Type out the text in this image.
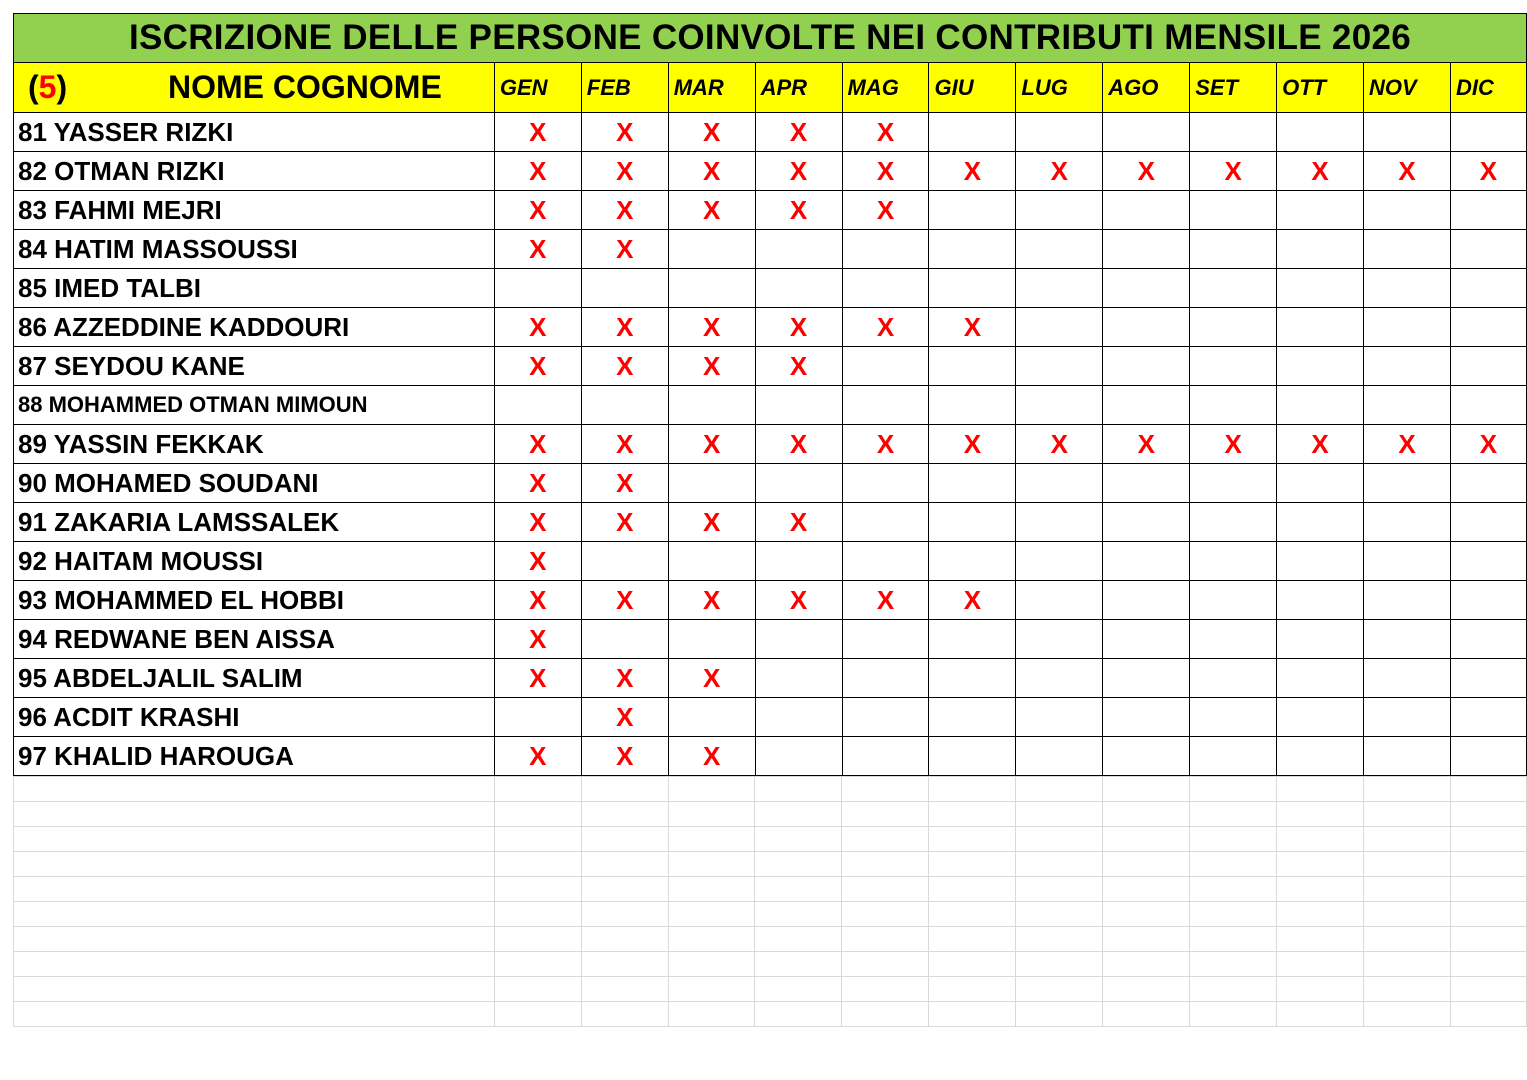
ISCRIZIONE DELLE PERSONE COINVOLTE NEI CONTRIBUTI MENSILE 2026												
(5) NOME COGNOME	GEN	FEB	MAR	APR	MAG	GIU	LUG	AGO	SET	OTT	NOV	DIC
81 YASSER RIZKI	X	X	X	X	X							
82 OTMAN RIZKI	X	X	X	X	X	X	X	X	X	X	X	X
83 FAHMI MEJRI	X	X	X	X	X							
84 HATIM MASSOUSSI	X	X										
85 IMED TALBI												
86 AZZEDDINE KADDOURI	X	X	X	X	X	X						
87 SEYDOU KANE	X	X	X	X								
88 MOHAMMED OTMAN MIMOUN												
89 YASSIN FEKKAK	X	X	X	X	X	X	X	X	X	X	X	X
90 MOHAMED SOUDANI	X	X										
91 ZAKARIA LAMSSALEK	X	X	X	X								
92 HAITAM MOUSSI	X											
93 MOHAMMED EL HOBBI	X	X	X	X	X	X						
94 REDWANE BEN AISSA	X											
95 ABDELJALIL SALIM	X	X	X									
96 ACDIT KRASHI		X										
97 KHALID HAROUGA	X	X	X									
